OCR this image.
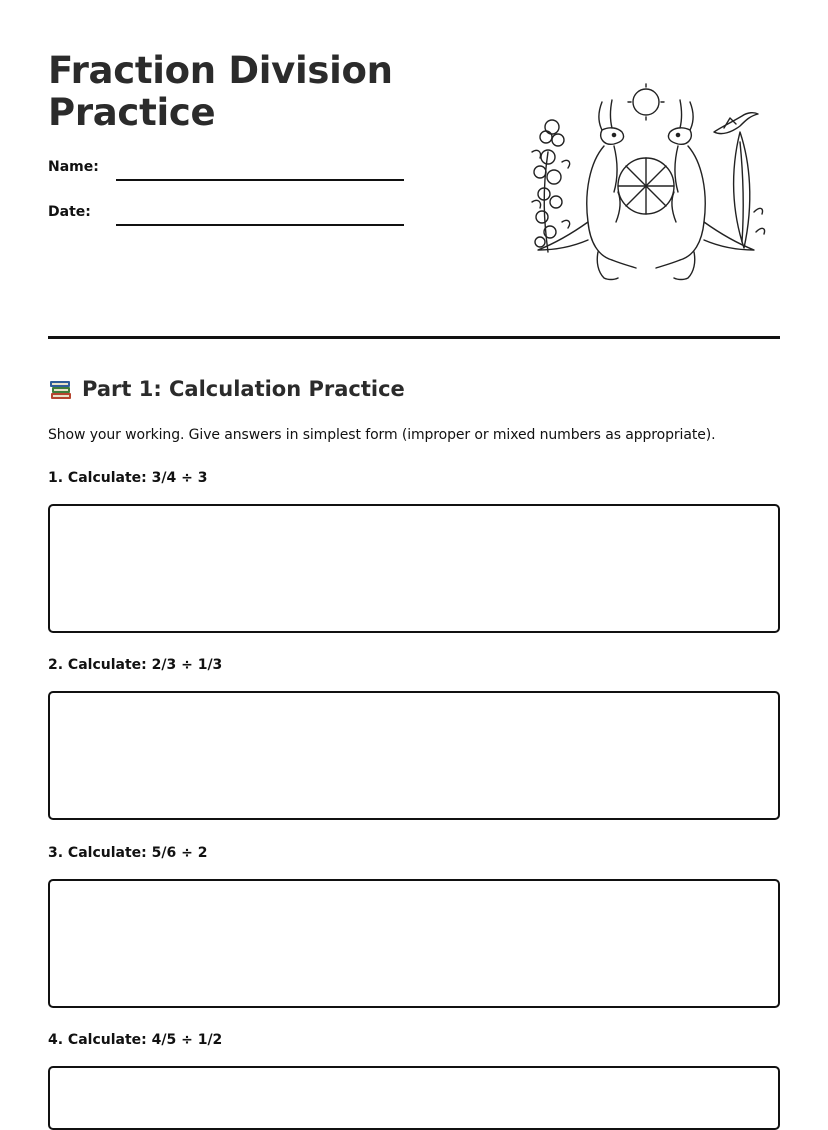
Fraction Division
Practice
Name:
Date:
Part 1: Calculation Practice
Show your working. Give answers in simplest form (improper or mixed numbers as appropriate).
1. Calculate: 3/4 ÷ 3
2. Calculate: 2/3 ÷ 1/3
3. Calculate: 5/6 ÷ 2
4. Calculate: 4/5 ÷ 1/2
